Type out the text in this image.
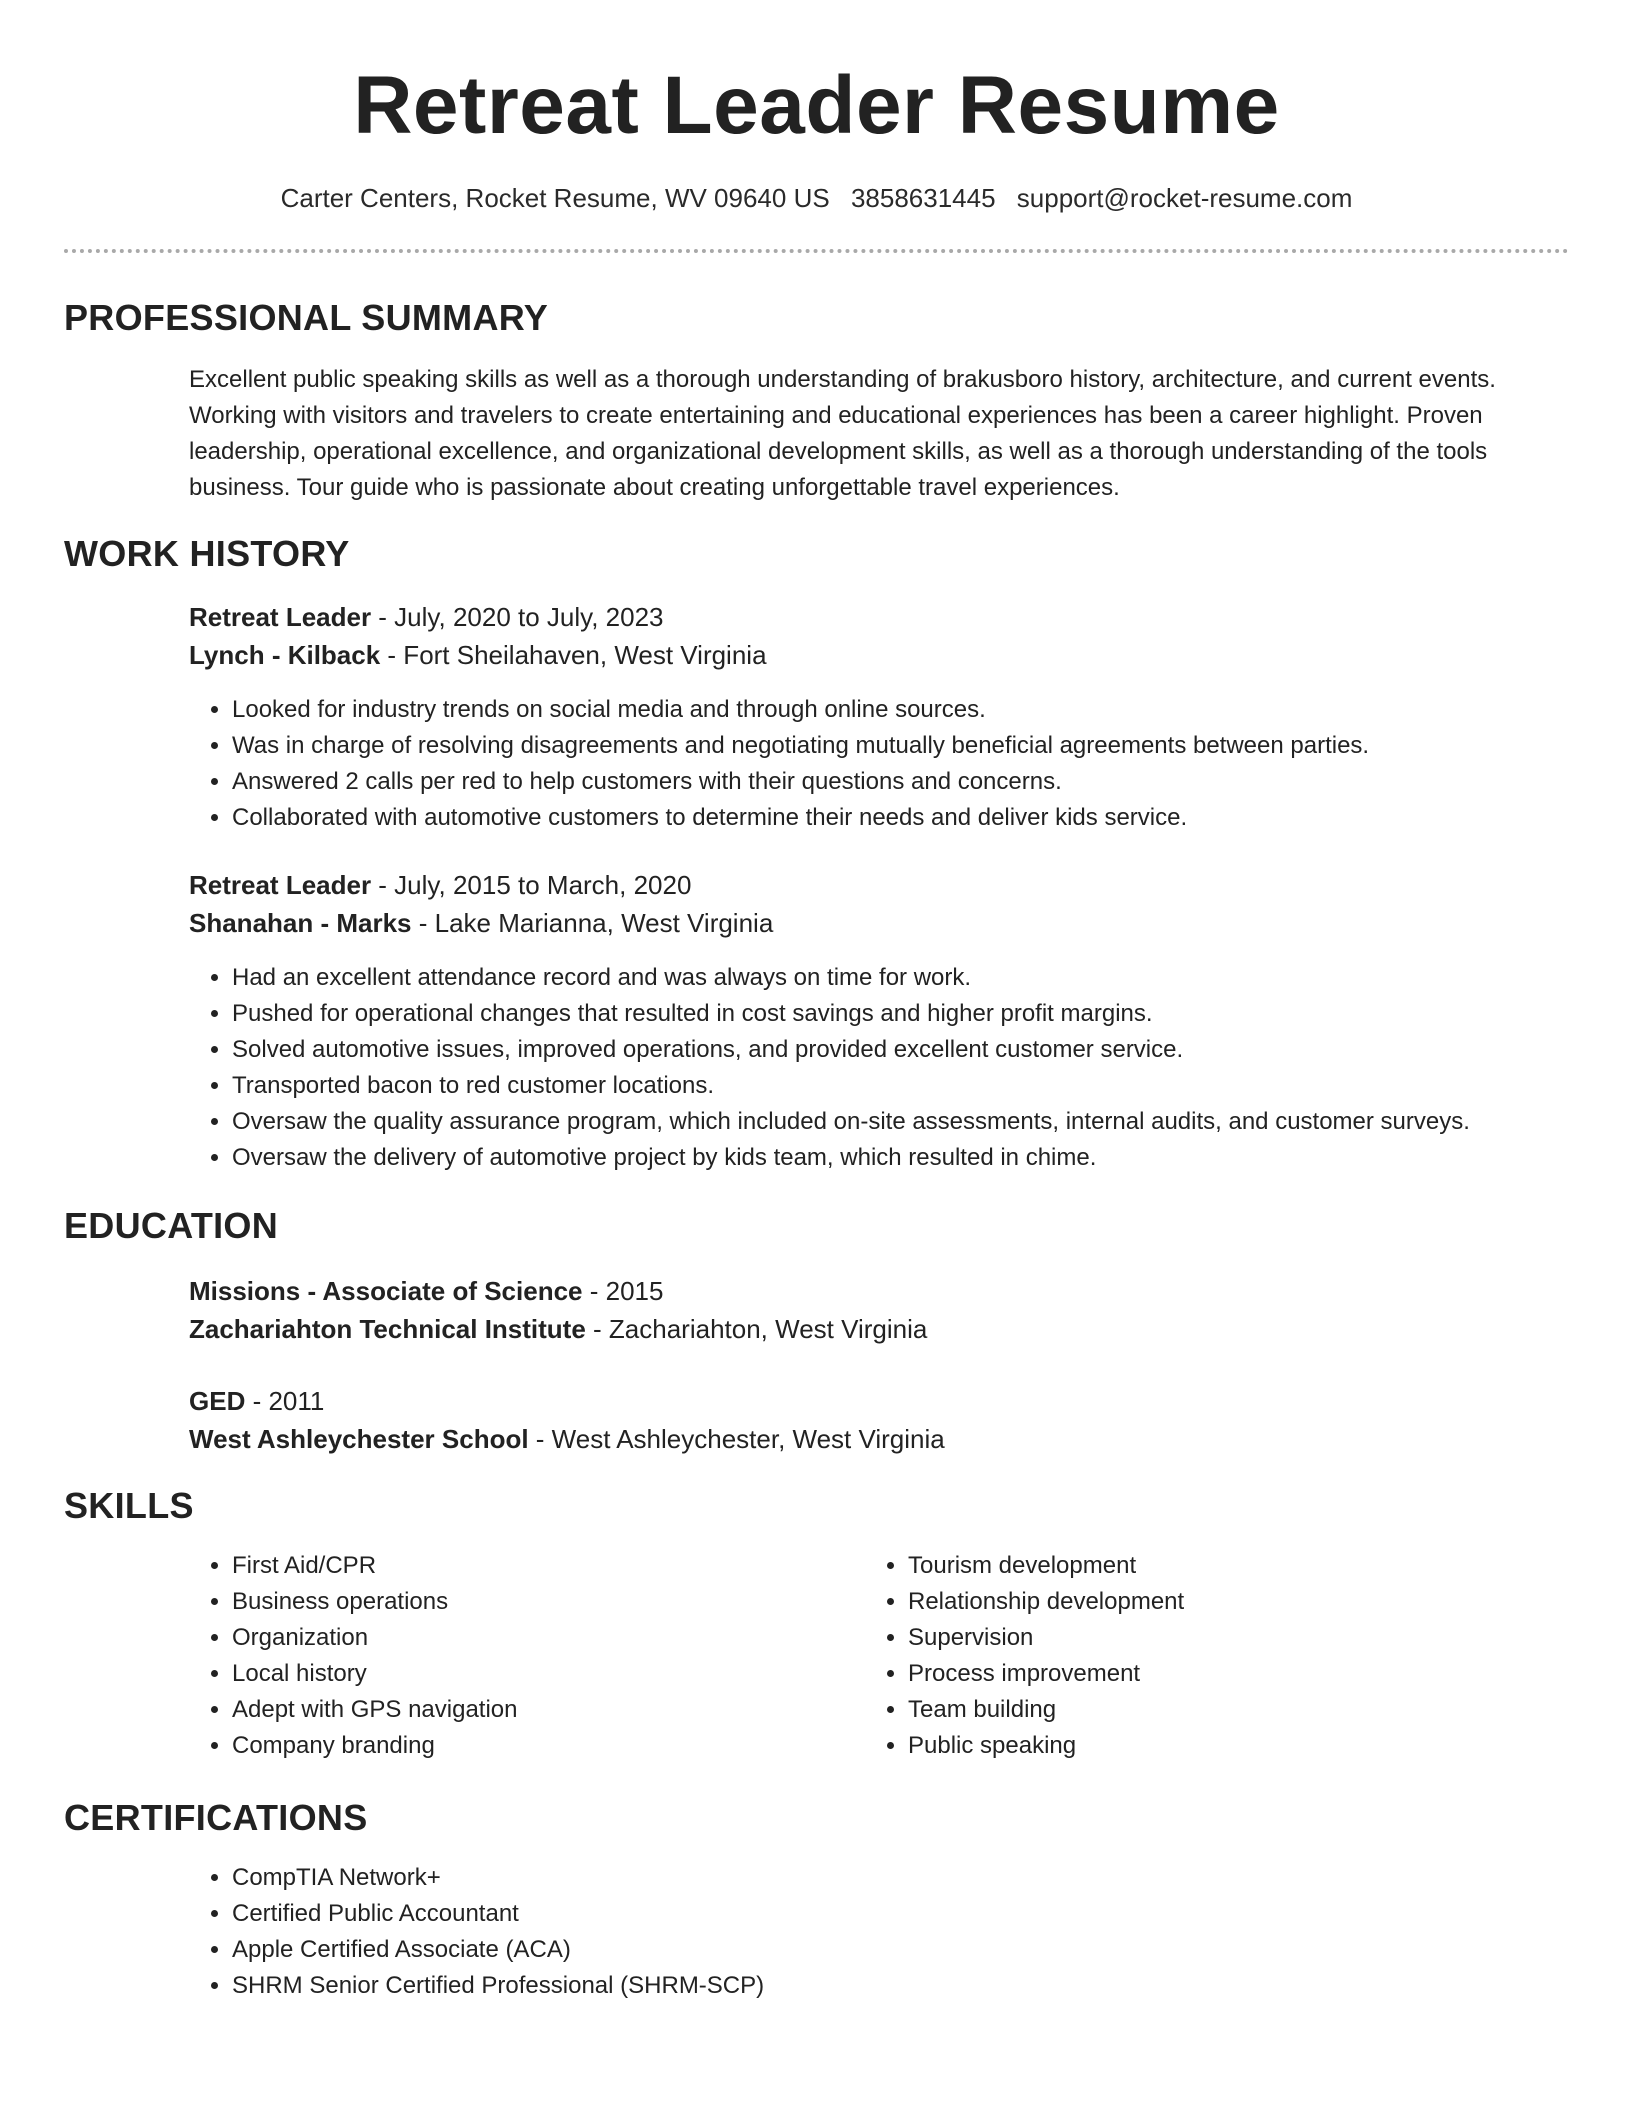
Retreat Leader Resume
Carter Centers, Rocket Resume, WV 09640 US 3858631445 support@rocket-resume.com
PROFESSIONAL SUMMARY
Excellent public speaking skills as well as a thorough understanding of brakusboro history, architecture, and current events. Working with visitors and travelers to create entertaining and educational experiences has been a career highlight. Proven leadership, operational excellence, and organizational development skills, as well as a thorough understanding of the tools business. Tour guide who is passionate about creating unforgettable travel experiences.
WORK HISTORY
Retreat Leader - July, 2020 to July, 2023
Lynch - Kilback - Fort Sheilahaven, West Virginia
• Looked for industry trends on social media and through online sources.
• Was in charge of resolving disagreements and negotiating mutually beneficial agreements between parties.
• Answered 2 calls per red to help customers with their questions and concerns.
• Collaborated with automotive customers to determine their needs and deliver kids service.
Retreat Leader - July, 2015 to March, 2020
Shanahan - Marks - Lake Marianna, West Virginia
• Had an excellent attendance record and was always on time for work.
• Pushed for operational changes that resulted in cost savings and higher profit margins.
• Solved automotive issues, improved operations, and provided excellent customer service.
• Transported bacon to red customer locations.
• Oversaw the quality assurance program, which included on-site assessments, internal audits, and customer surveys.
• Oversaw the delivery of automotive project by kids team, which resulted in chime.
EDUCATION
Missions - Associate of Science - 2015
Zachariahton Technical Institute - Zachariahton, West Virginia
GED - 2011
West Ashleychester School - West Ashleychester, West Virginia
SKILLS
• First Aid/CPR
• Business operations
• Organization
• Local history
• Adept with GPS navigation
• Company branding
• Tourism development
• Relationship development
• Supervision
• Process improvement
• Team building
• Public speaking
CERTIFICATIONS
• CompTIA Network+
• Certified Public Accountant
• Apple Certified Associate (ACA)
• SHRM Senior Certified Professional (SHRM-SCP)
